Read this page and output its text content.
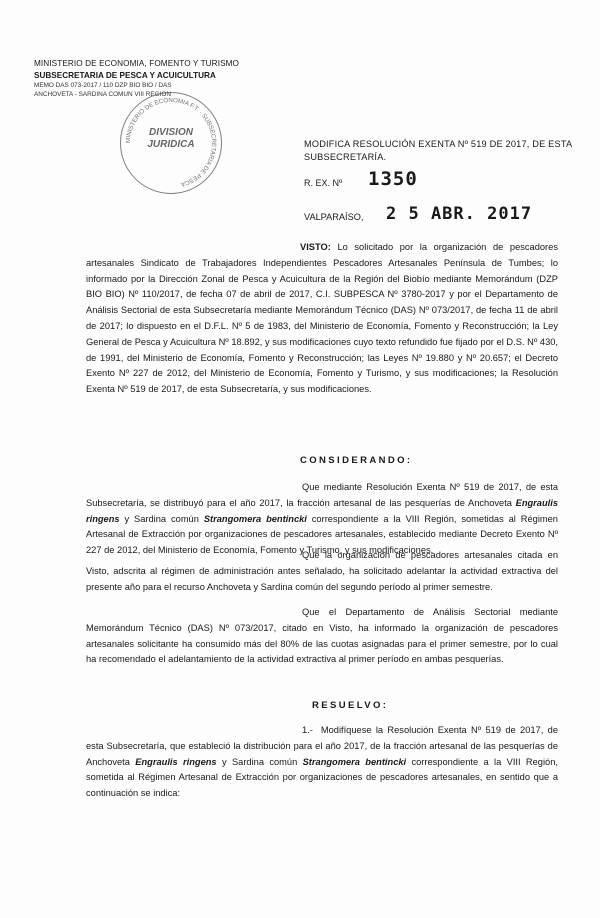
MINISTERIO DE ECONOMIA, FOMENTO Y TURISMO
SUBSECRETARIA DE PESCA Y ACUICULTURA
MEMO DAS 073-2017 / 110 DZP BIO BIO / DAS
ANCHOVETA - SARDINA COMUN VIII REGION
MINISTERIO DE ECONOMIA F.T. · SUBSECRETARIA DE PESCA
DIVISION
JURIDICA	MODIFICA RESOLUCIÓN EXENTA Nº 519 DE 2017, DE ESTA SUBSECRETARÍA.
R. EX. Nº 1350
VALPARAÍSO, 2 5 ABR. 2017
VISTO: Lo solicitado por la organización de pescadores artesanales Sindicato de Trabajadores Independientes Pescadores Artesanales Península de Tumbes; lo informado por la Dirección Zonal de Pesca y Acuicultura de la Región del Biobío mediante Memorándum (DZP BIO BIO) Nº 110/2017, de fecha 07 de abril de 2017, C.I. SUBPESCA Nº 3780-2017 y por el Departamento de Análisis Sectorial de esta Subsecretaría mediante Memorándum Técnico (DAS) Nº 073/2017, de fecha 11 de abril de 2017; lo dispuesto en el D.F.L. Nº 5 de 1983, del Ministerio de Economía, Fomento y Reconstrucción; la Ley General de Pesca y Acuicultura Nº 18.892, y sus modificaciones cuyo texto refundido fue fijado por el D.S. Nº 430, de 1991, del Ministerio de Economía, Fomento y Reconstrucción; las Leyes Nº 19.880 y Nº 20.657; el Decreto Exento Nº 227 de 2012, del Ministerio de Economía, Fomento y Turismo, y sus modificaciones; la Resolución Exenta Nº 519 de 2017, de esta Subsecretaría, y sus modificaciones.
CONSIDERANDO:
Que mediante Resolución Exenta Nº 519 de 2017, de esta Subsecretaría, se distribuyó para el año 2017, la fracción artesanal de las pesquerías de Anchoveta Engraulis ringens y Sardina común Strangomera bentincki correspondiente a la VIII Región, sometidas al Régimen Artesanal de Extracción por organizaciones de pescadores artesanales, establecido mediante Decreto Exento Nº 227 de 2012, del Ministerio de Economía, Fomento y Turismo, y sus modificaciones.
Que la organización de pescadores artesanales citada en Visto, adscrita al régimen de administración antes señalado, ha solicitado adelantar la actividad extractiva del presente año para el recurso Anchoveta y Sardina común del segundo período al primer semestre.
Que el Departamento de Análisis Sectorial mediante Memorándum Técnico (DAS) Nº 073/2017, citado en Visto, ha informado la organización de pescadores artesanales solicitante ha consumido más del 80% de las cuotas asignadas para el primer semestre, por lo cual ha recomendado el adelantamiento de la actividad extractiva al primer período en ambas pesquerías.
RESUELVO:
1.- Modifíquese la Resolución Exenta Nº 519 de 2017, de esta Subsecretaría, que estableció la distribución para el año 2017, de la fracción artesanal de las pesquerías de Anchoveta Engraulis ringens y Sardina común Strangomera bentincki correspondiente a la VIII Región, sometida al Régimen Artesanal de Extracción por organizaciones de pescadores artesanales, en sentido que a continuación se indica:
